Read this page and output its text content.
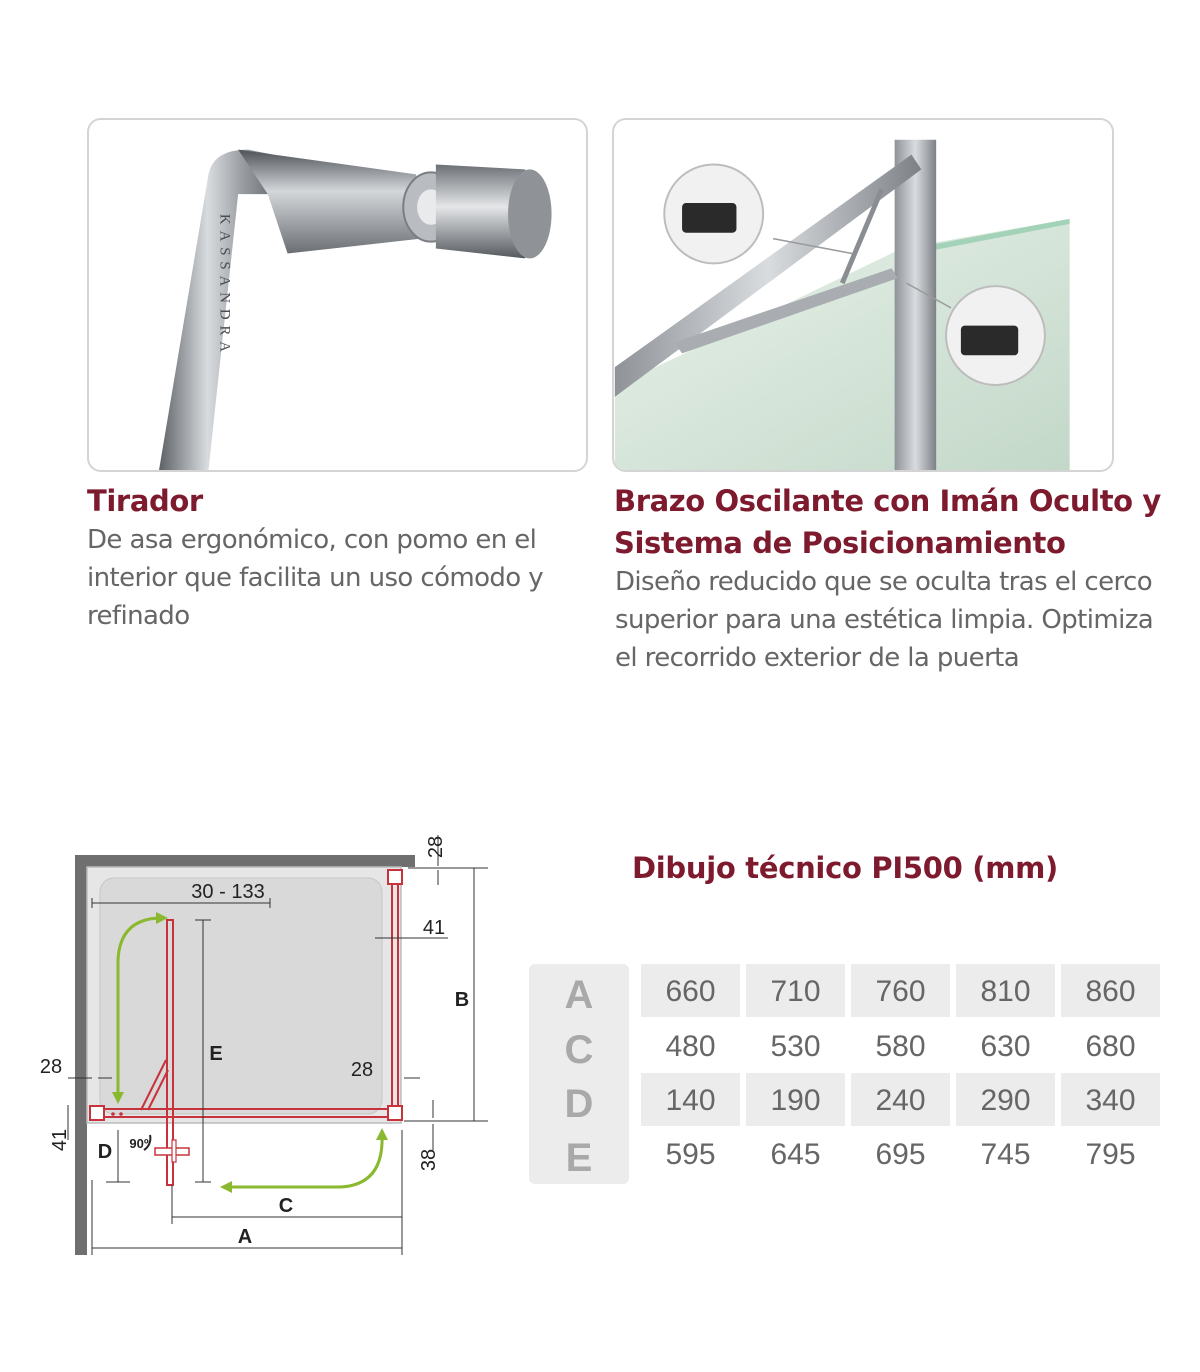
KASSANDRA
Tirador

De asa ergonómico, con pomo en el interior que facilita un uso cómodo y refinado

Brazo Oscilante con Imán Oculto y Sistema de Posicionamiento

Diseño reducido que se oculta tras el cerco superior para una estética limpia. Optimiza el recorrido exterior de la puerta

30 - 133
28
41
B
E
28	28
41
D 90º
38
C
A
Dibujo técnico PI500 (mm)
A	660	710	760	810	860
C	480	530	580	630	680
D	140	190	240	290	340
E	595	645	695	745	795
